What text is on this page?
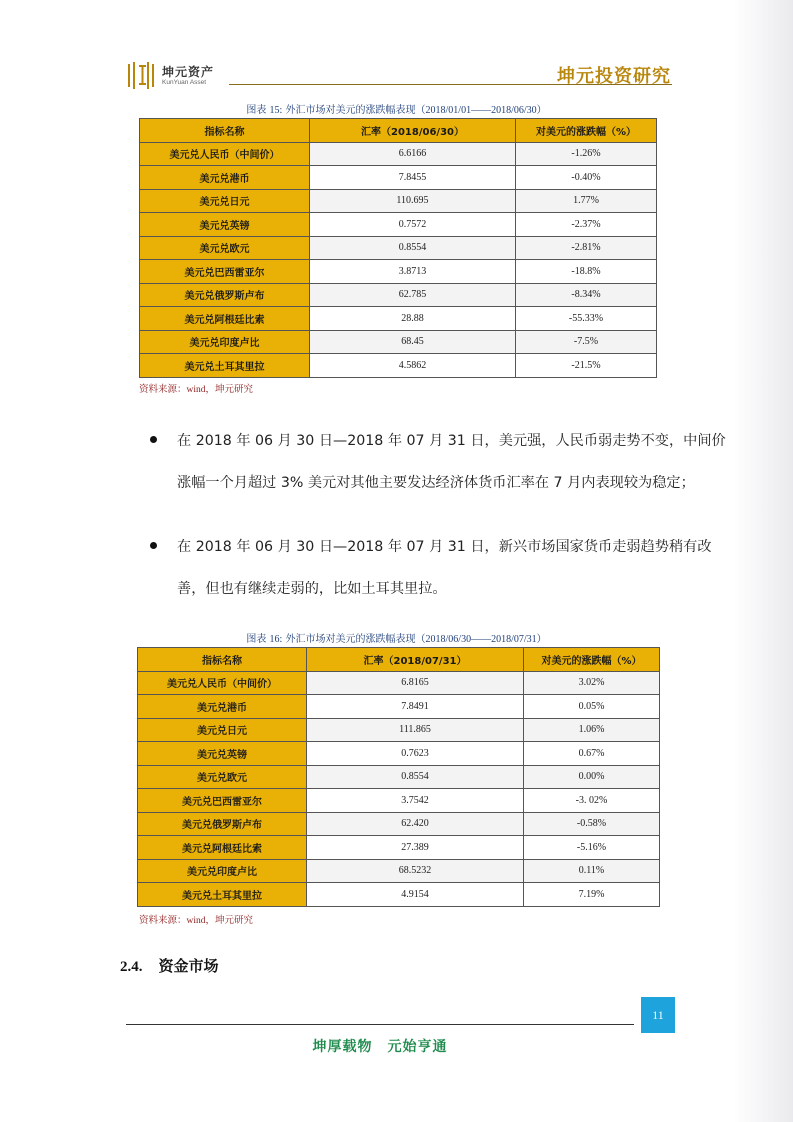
坤元资产
KunYuan Asset	坤元投资研究
图表 15: 外汇市场对美元的涨跌幅表现（2018/01/01——2018/06/30）
指标名称	汇率（2018/06/30）	对美元的涨跌幅（%）
美元兑人民币（中间价）	6.6166	-1.26%
美元兑港币	7.8455	-0.40%
美元兑日元	110.695	1.77%
美元兑英镑	0.7572	-2.37%
美元兑欧元	0.8554	-2.81%
美元兑巴西雷亚尔	3.8713	-18.8%
美元兑俄罗斯卢布	62.785	-8.34%
美元兑阿根廷比索	28.88	-55.33%
美元兑印度卢比	68.45	-7.5%
美元兑土耳其里拉	4.5862	-21.5%
资料来源：wind，坤元研究
在 2018 年 06 月 30 日—2018 年 07 月 31 日，美元强，人民币弱走势不变，中间价
涨幅一个月超过 3% 美元对其他主要发达经济体货币汇率在 7 月内表现较为稳定；
在 2018 年 06 月 30 日—2018 年 07 月 31 日，新兴市场国家货币走弱趋势稍有改
善，但也有继续走弱的，比如土耳其里拉。
图表 16: 外汇市场对美元的涨跌幅表现（2018/06/30——2018/07/31）
指标名称	汇率（2018/07/31）	对美元的涨跌幅（%）
美元兑人民币（中间价）	6.8165	3.02%
美元兑港币	7.8491	0.05%
美元兑日元	111.865	1.06%
美元兑英镑	0.7623	0.67%
美元兑欧元	0.8554	0.00%
美元兑巴西雷亚尔	3.7542	-3. 02%
美元兑俄罗斯卢布	62.420	-0.58%
美元兑阿根廷比索	27.389	-5.16%
美元兑印度卢比	68.5232	0.11%
美元兑土耳其里拉	4.9154	7.19%
资料来源：wind，坤元研究
2.4. 资金市场
11
坤厚载物　元始亨通
